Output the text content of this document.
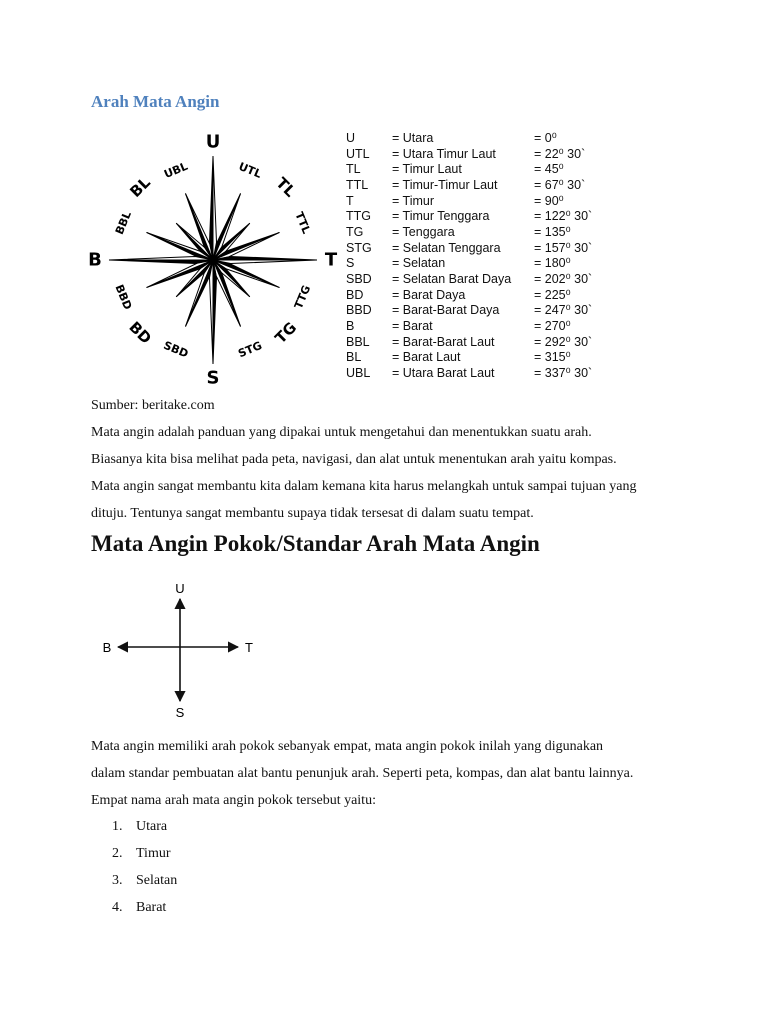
Arah Mata Angin
U
UBL
BL
BBL
B
BBD
BD
SBD
S
STG
TG
TTG
T
TTL
TL
UTL
U	= Utara	= 0⁰
UTL	= Utara Timur Laut	= 22⁰ 30`
TL	= Timur Laut	= 45⁰
TTL	= Timur-Timur Laut	= 67⁰ 30`
T	= Timur	= 90⁰
TTG	= Timur Tenggara	= 122⁰ 30`
TG	= Tenggara	= 135⁰
STG	= Selatan Tenggara	= 157⁰ 30`
S	= Selatan	= 180⁰
SBD	= Selatan Barat Daya	= 202⁰ 30`
BD	= Barat Daya	= 225⁰
BBD	= Barat-Barat Daya	= 247⁰ 30`
B	= Barat	= 270⁰
BBL	= Barat-Barat Laut	= 292⁰ 30`
BL	= Barat Laut	= 315⁰
UBL	= Utara Barat Laut	= 337⁰ 30`

Sumber: beritake.com

Mata angin adalah panduan yang dipakai untuk mengetahui dan menentukkan suatu arah.

Biasanya kita bisa melihat pada peta, navigasi, dan alat untuk menentukan arah yaitu kompas.

Mata angin sangat membantu kita dalam kemana kita harus melangkah untuk sampai tujuan yang

dituju. Tentunya sangat membantu supaya tidak tersesat di dalam suatu tempat.

Mata Angin Pokok/Standar Arah Mata Angin
U
S
B	T

Mata angin memiliki arah pokok sebanyak empat, mata angin pokok inilah yang digunakan

dalam standar pembuatan alat bantu penunjuk arah. Seperti peta, kompas, dan alat bantu lainnya.

Empat nama arah mata angin pokok tersebut yaitu:

1. Utara
2. Timur
3. Selatan
4. Barat
